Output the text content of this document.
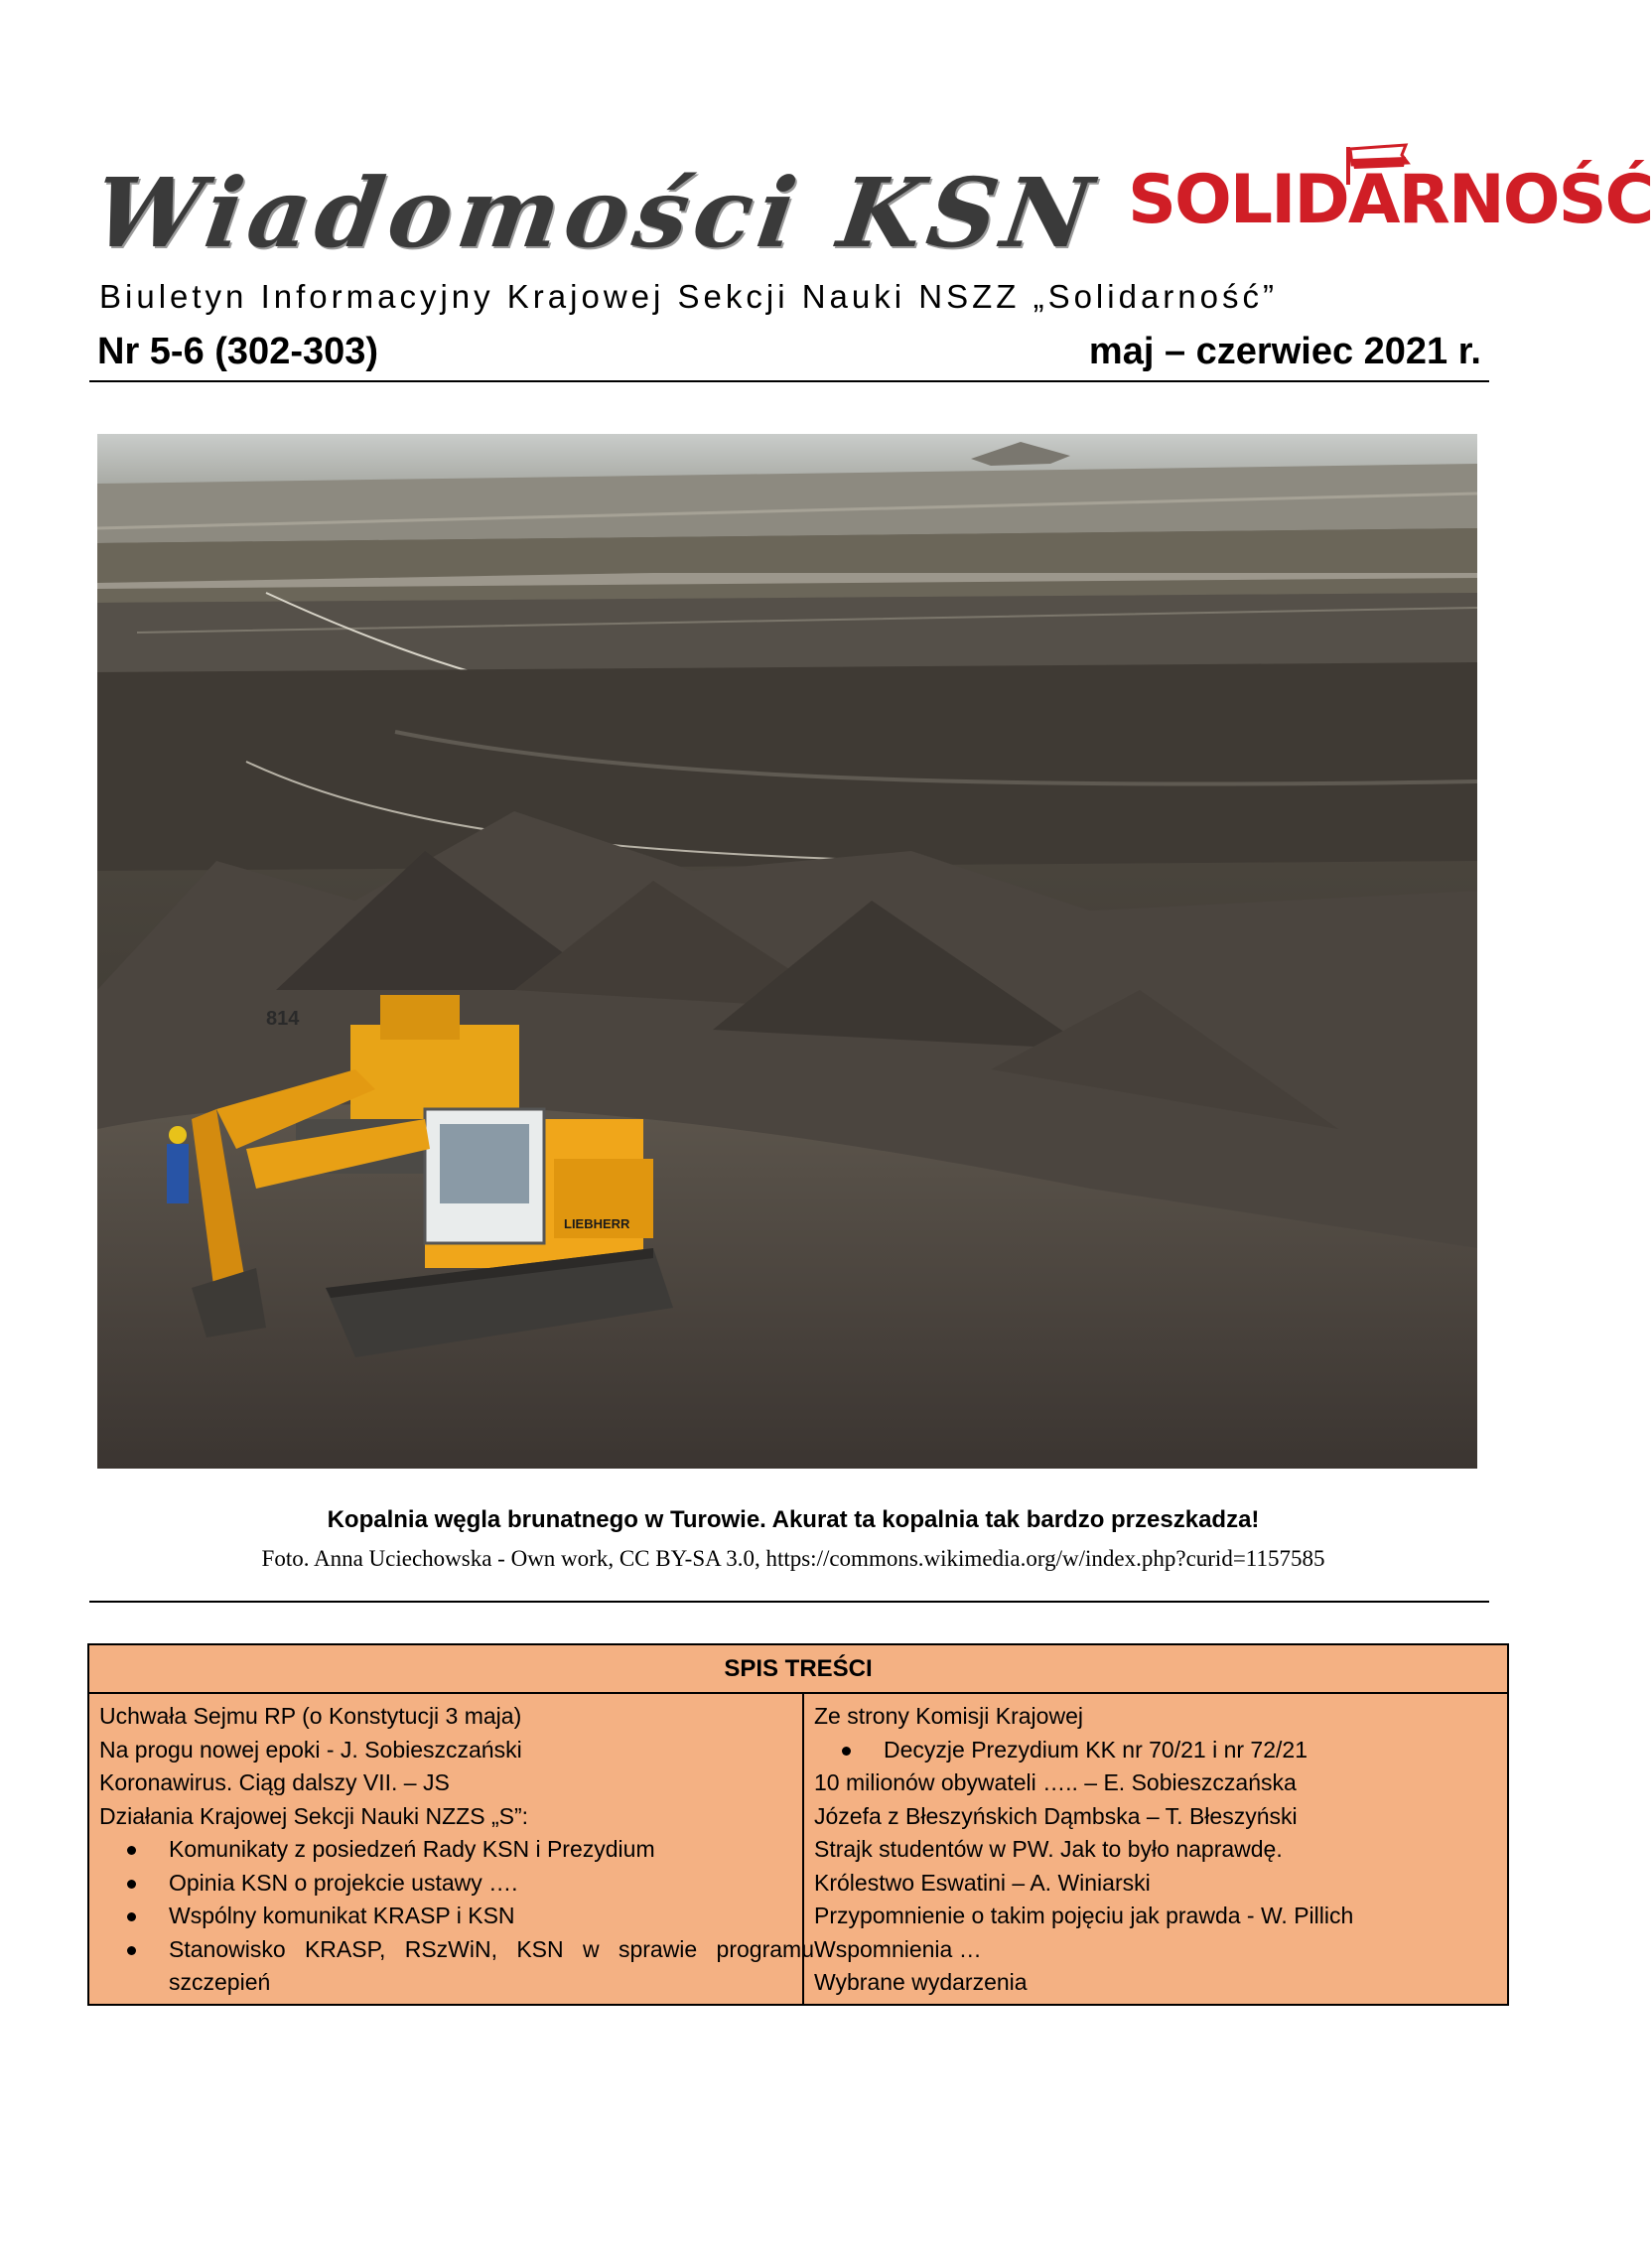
Wiadomości KSN SOLIDARNOŚĆ
Biuletyn Informacyjny Krajowej Sekcji Nauki NSZZ „Solidarność”
Nr 5-6 (302-303)	maj – czerwiec 2021 r.
814
LIEBHERR
Kopalnia węgla brunatnego w Turowie. Akurat ta kopalnia tak bardzo przeszkadza!
Foto. Anna Uciechowska - Own work, CC BY-SA 3.0, https://commons.wikimedia.org/w/index.php?curid=1157585
SPIS TREŚCI
Uchwała Sejmu RP (o Konstytucji 3 maja)
Na progu nowej epoki - J. Sobieszczański
Koronawirus. Ciąg dalszy VII. – JS
Działania Krajowej Sekcji Nauki NZZS „S”:
Komunikaty z posiedzeń Rady KSN i Prezydium
Opinia KSN o projekcie ustawy ….
Wspólny komunikat KRASP i KSN
Stanowisko KRASP, RSzWiN, KSN w sprawie programu szczepień
Ze strony Komisji Krajowej
Decyzje Prezydium KK nr 70/21 i nr 72/21
10 milionów obywateli ….. – E. Sobieszczańska
Józefa z Błeszyńskich Dąmbska – T. Błeszyński
Strajk studentów w PW. Jak to było naprawdę.
Królestwo Eswatini – A. Winiarski
Przypomnienie o takim pojęciu jak prawda - W. Pillich
Wspomnienia …
Wybrane wydarzenia
